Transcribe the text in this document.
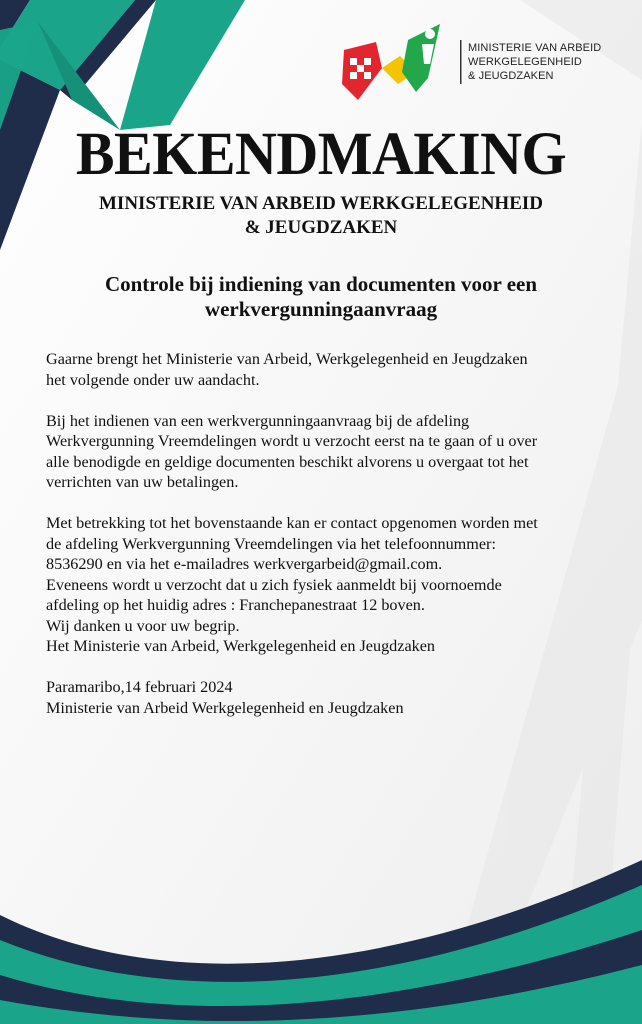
MINISTERIE VAN ARBEID
WERKGELEGENHEID
& JEUGDZAKEN
BEKENDMAKING
MINISTERIE VAN ARBEID WERKGELEGENHEID
& JEUGDZAKEN
Controle bij indiening van documenten voor een
werkvergunningaanvraag

Gaarne brengt het Ministerie van Arbeid, Werkgelegenheid en Jeugdzaken
het volgende onder uw aandacht.

Bij het indienen van een werkvergunningaanvraag bij de afdeling
Werkvergunning Vreemdelingen wordt u verzocht eerst na te gaan of u over
alle benodigde en geldige documenten beschikt alvorens u overgaat tot het
verrichten van uw betalingen.

Met betrekking tot het bovenstaande kan er contact opgenomen worden met
de afdeling Werkvergunning Vreemdelingen via het telefoonnummer:
8536290 en via het e-mailadres werkvergarbeid@gmail.com.
Eveneens wordt u verzocht dat u zich fysiek aanmeldt bij voornoemde
afdeling op het huidig adres : Franchepanestraat 12 boven.
Wij danken u voor uw begrip.
Het Ministerie van Arbeid, Werkgelegenheid en Jeugdzaken

Paramaribo,14 februari 2024
Ministerie van Arbeid Werkgelegenheid en Jeugdzaken
